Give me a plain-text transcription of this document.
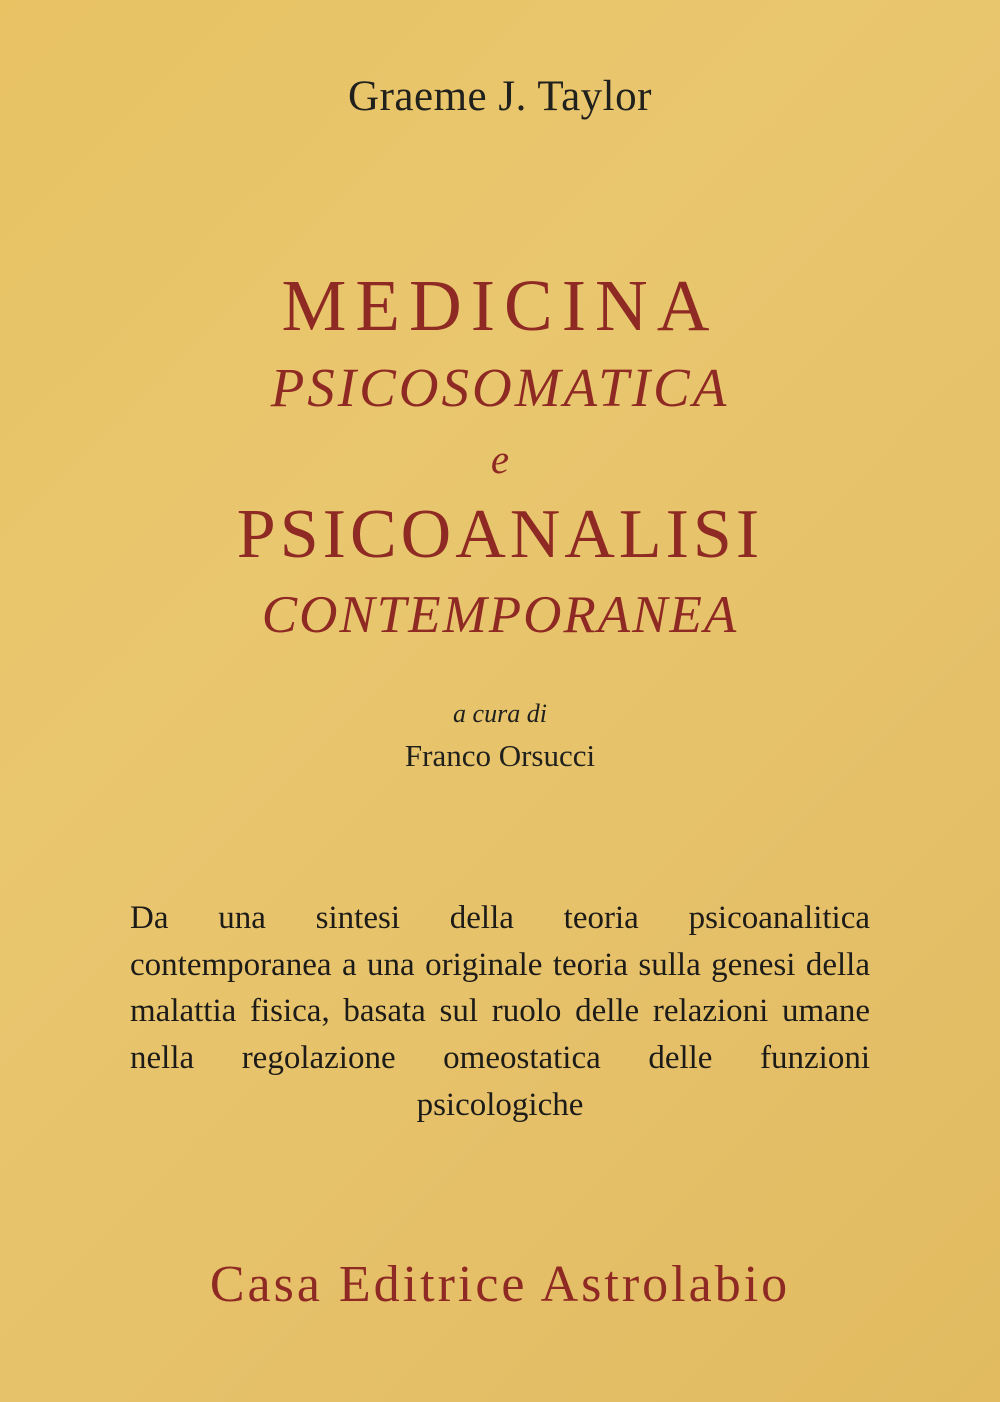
Graeme J. Taylor
MEDICINA
PSICOSOMATICA
e
PSICOANALISI
CONTEMPORANEA
a cura di
Franco Orsucci
Da una sintesi della teoria psicoanalitica contemporanea a una originale teoria sulla genesi della malattia fisica, basata sul ruolo delle relazioni umane nella regolazione omeostatica delle funzioni psicologiche
Casa Editrice Astrolabio
